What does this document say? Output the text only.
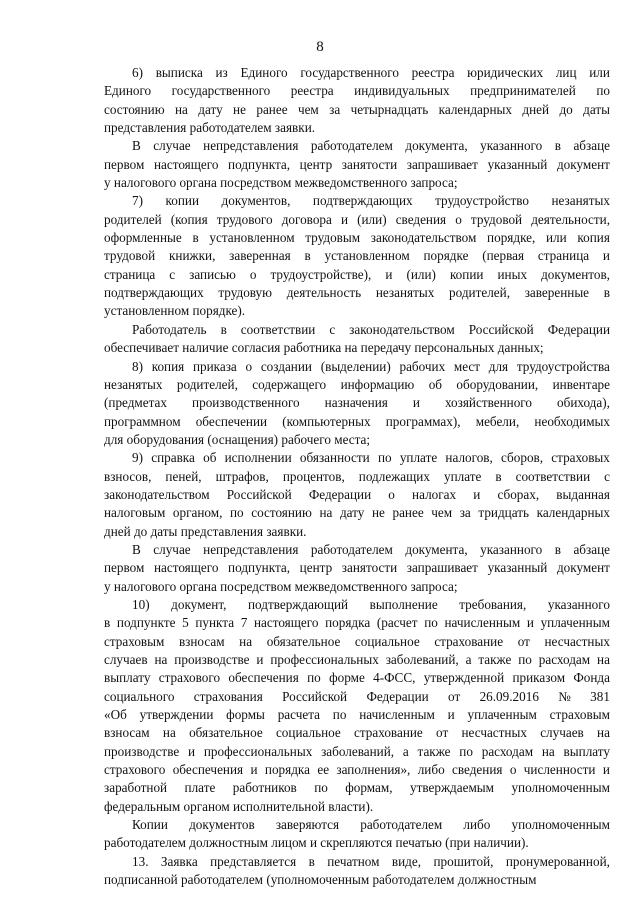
8

6) выписка из Единого государственного реестра юридических лиц или
Единого государственного реестра индивидуальных предпринимателей по
состоянию на дату не ранее чем за четырнадцать календарных дней до даты
представления работодателем заявки.

В случае непредставления работодателем документа, указанного в абзаце
первом настоящего подпункта, центр занятости запрашивает указанный документ
у налогового органа посредством межведомственного запроса;

7) копии документов, подтверждающих трудоустройство незанятых
родителей (копия трудового договора и (или) сведения о трудовой деятельности,
оформленные в установленном трудовым законодательством порядке, или копия
трудовой книжки, заверенная в установленном порядке (первая страница и
страница с записью о трудоустройстве), и (или) копии иных документов,
подтверждающих трудовую деятельность незанятых родителей, заверенные в
установленном порядке).

Работодатель в соответствии с законодательством Российской Федерации
обеспечивает наличие согласия работника на передачу персональных данных;

8) копия приказа о создании (выделении) рабочих мест для трудоустройства
незанятых родителей, содержащего информацию об оборудовании, инвентаре
(предметах производственного назначения и хозяйственного обихода),
программном обеспечении (компьютерных программах), мебели, необходимых
для оборудования (оснащения) рабочего места;

9) справка об исполнении обязанности по уплате налогов, сборов, страховых
взносов, пеней, штрафов, процентов, подлежащих уплате в соответствии с
законодательством Российской Федерации о налогах и сборах, выданная
налоговым органом, по состоянию на дату не ранее чем за тридцать календарных
дней до даты представления заявки.

В случае непредставления работодателем документа, указанного в абзаце
первом настоящего подпункта, центр занятости запрашивает указанный документ
у налогового органа посредством межведомственного запроса;

10) документ, подтверждающий выполнение требования, указанного
в подпункте 5 пункта 7 настоящего порядка (расчет по начисленным и уплаченным
страховым взносам на обязательное социальное страхование от несчастных
случаев на производстве и профессиональных заболеваний, а также по расходам на
выплату страхового обеспечения по форме 4-ФСС, утвержденной приказом Фонда
социального страхования Российской Федерации от 26.09.2016 № 381
«Об утверждении формы расчета по начисленным и уплаченным страховым
взносам на обязательное социальное страхование от несчастных случаев на
производстве и профессиональных заболеваний, а также по расходам на выплату
страхового обеспечения и порядка ее заполнения», либо сведения о численности и
заработной плате работников по формам, утверждаемым уполномоченным
федеральным органом исполнительной власти).

Копии документов заверяются работодателем либо уполномоченным
работодателем должностным лицом и скрепляются печатью (при наличии).

13. Заявка представляется в печатном виде, прошитой, пронумерованной,
подписанной работодателем (уполномоченным работодателем должностным
